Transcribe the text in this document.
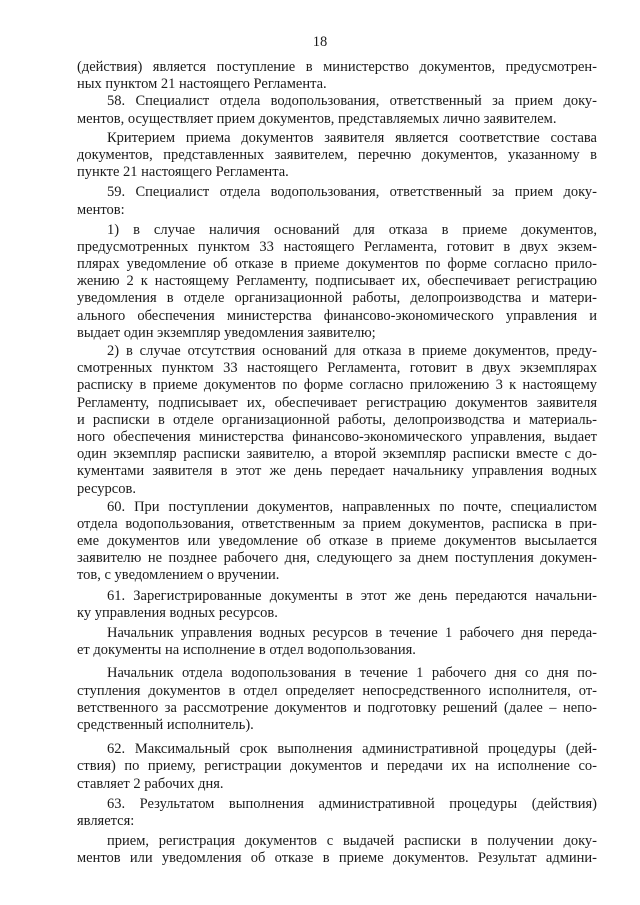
18
(действия) является поступление в министерство документов, предусмотрен-
ных пунктом 21 настоящего Регламента.
58. Специалист отдела водопользования, ответственный за прием доку-
ментов, осуществляет прием документов, представляемых лично заявителем.
Критерием приема документов заявителя является соответствие состава
документов, представленных заявителем, перечню документов, указанному в
пункте 21 настоящего Регламента.
59. Специалист отдела водопользования, ответственный за прием доку-
ментов:
1) в случае наличия оснований для отказа в приеме документов,
предусмотренных пунктом 33 настоящего Регламента, готовит в двух экзем-
плярах уведомление об отказе в приеме документов по форме согласно прило-
жению 2 к настоящему Регламенту, подписывает их, обеспечивает регистрацию
уведомления в отделе организационной работы, делопроизводства и матери-
ального обеспечения министерства финансово-экономического управления и
выдает один экземпляр уведомления заявителю;
2) в случае отсутствия оснований для отказа в приеме документов, преду-
смотренных пунктом 33 настоящего Регламента, готовит в двух экземплярах
расписку в приеме документов по форме согласно приложению 3 к настоящему
Регламенту, подписывает их, обеспечивает регистрацию документов заявителя
и расписки в отделе организационной работы, делопроизводства и материаль-
ного обеспечения министерства финансово-экономического управления, выдает
один экземпляр расписки заявителю, а второй экземпляр расписки вместе с до-
кументами заявителя в этот же день передает начальнику управления водных
ресурсов.
60. При поступлении документов, направленных по почте, специалистом
отдела водопользования, ответственным за прием документов, расписка в при-
еме документов или уведомление об отказе в приеме документов высылается
заявителю не позднее рабочего дня, следующего за днем поступления докумен-
тов, с уведомлением о вручении.
61. Зарегистрированные документы в этот же день передаются начальни-
ку управления водных ресурсов.
Начальник управления водных ресурсов в течение 1 рабочего дня переда-
ет документы на исполнение в отдел водопользования.
Начальник отдела водопользования в течение 1 рабочего дня со дня по-
ступления документов в отдел определяет непосредственного исполнителя, от-
ветственного за рассмотрение документов и подготовку решений (далее – непо-
средственный исполнитель).
62. Максимальный срок выполнения административной процедуры (дей-
ствия) по приему, регистрации документов и передачи их на исполнение со-
ставляет 2 рабочих дня.
63. Результатом выполнения административной процедуры (действия)
является:
прием, регистрация документов с выдачей расписки в получении доку-
ментов или уведомления об отказе в приеме документов. Результат админи-
